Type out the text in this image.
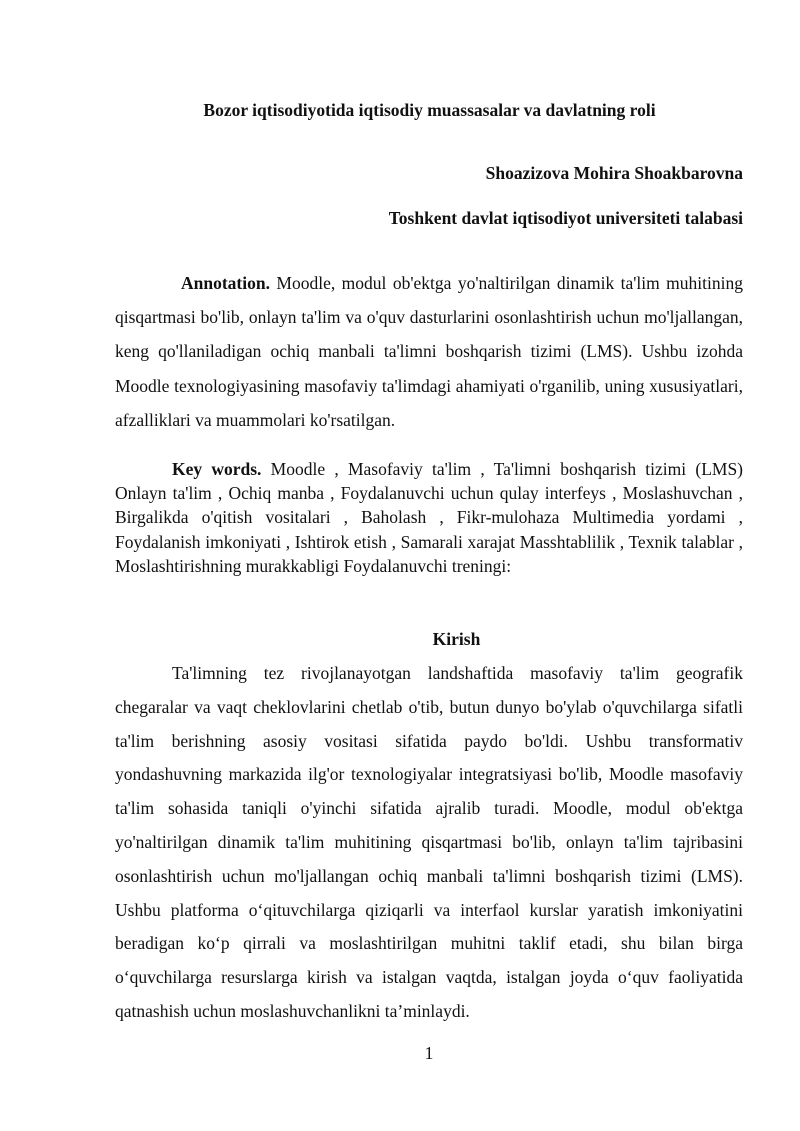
Bozor iqtisodiyotida iqtisodiy muassasalar va davlatning roli

Shoazizova Mohira Shoakbarovna

Toshkent davlat iqtisodiyot universiteti talabasi

Annotation. Moodle, modul ob'ektga yo'naltirilgan dinamik ta'lim muhitining qisqartmasi bo'lib, onlayn ta'lim va o'quv dasturlarini osonlashtirish uchun mo'ljallangan, keng qo'llaniladigan ochiq manbali ta'limni boshqarish tizimi (LMS). Ushbu izohda Moodle texnologiyasining masofaviy ta'limdagi ahamiyati o'rganilib, uning xususiyatlari, afzalliklari va muammolari ko'rsatilgan.

Key words. Moodle , Masofaviy ta'lim , Ta'limni boshqarish tizimi (LMS) Onlayn ta'lim , Ochiq manba , Foydalanuvchi uchun qulay interfeys , Moslashuvchan , Birgalikda o'qitish vositalari , Baholash , Fikr-mulohaza Multimedia yordami , Foydalanish imkoniyati , Ishtirok etish , Samarali xarajat Masshtablilik , Texnik talablar , Moslashtirishning murakkabligi Foydalanuvchi treningi:

Kirish

Ta'limning tez rivojlanayotgan landshaftida masofaviy ta'lim geografik chegaralar va vaqt cheklovlarini chetlab o'tib, butun dunyo bo'ylab o'quvchilarga sifatli ta'lim berishning asosiy vositasi sifatida paydo bo'ldi. Ushbu transformativ yondashuvning markazida ilg'or texnologiyalar integratsiyasi bo'lib, Moodle masofaviy ta'lim sohasida taniqli o'yinchi sifatida ajralib turadi. Moodle, modul ob'ektga yo'naltirilgan dinamik ta'lim muhitining qisqartmasi bo'lib, onlayn ta'lim tajribasini osonlashtirish uchun mo'ljallangan ochiq manbali ta'limni boshqarish tizimi (LMS). Ushbu platforma o‘qituvchilarga qiziqarli va interfaol kurslar yaratish imkoniyatini beradigan ko‘p qirrali va moslashtirilgan muhitni taklif etadi, shu bilan birga o‘quvchilarga resurslarga kirish va istalgan vaqtda, istalgan joyda o‘quv faoliyatida qatnashish uchun moslashuvchanlikni ta’minlaydi.

1
